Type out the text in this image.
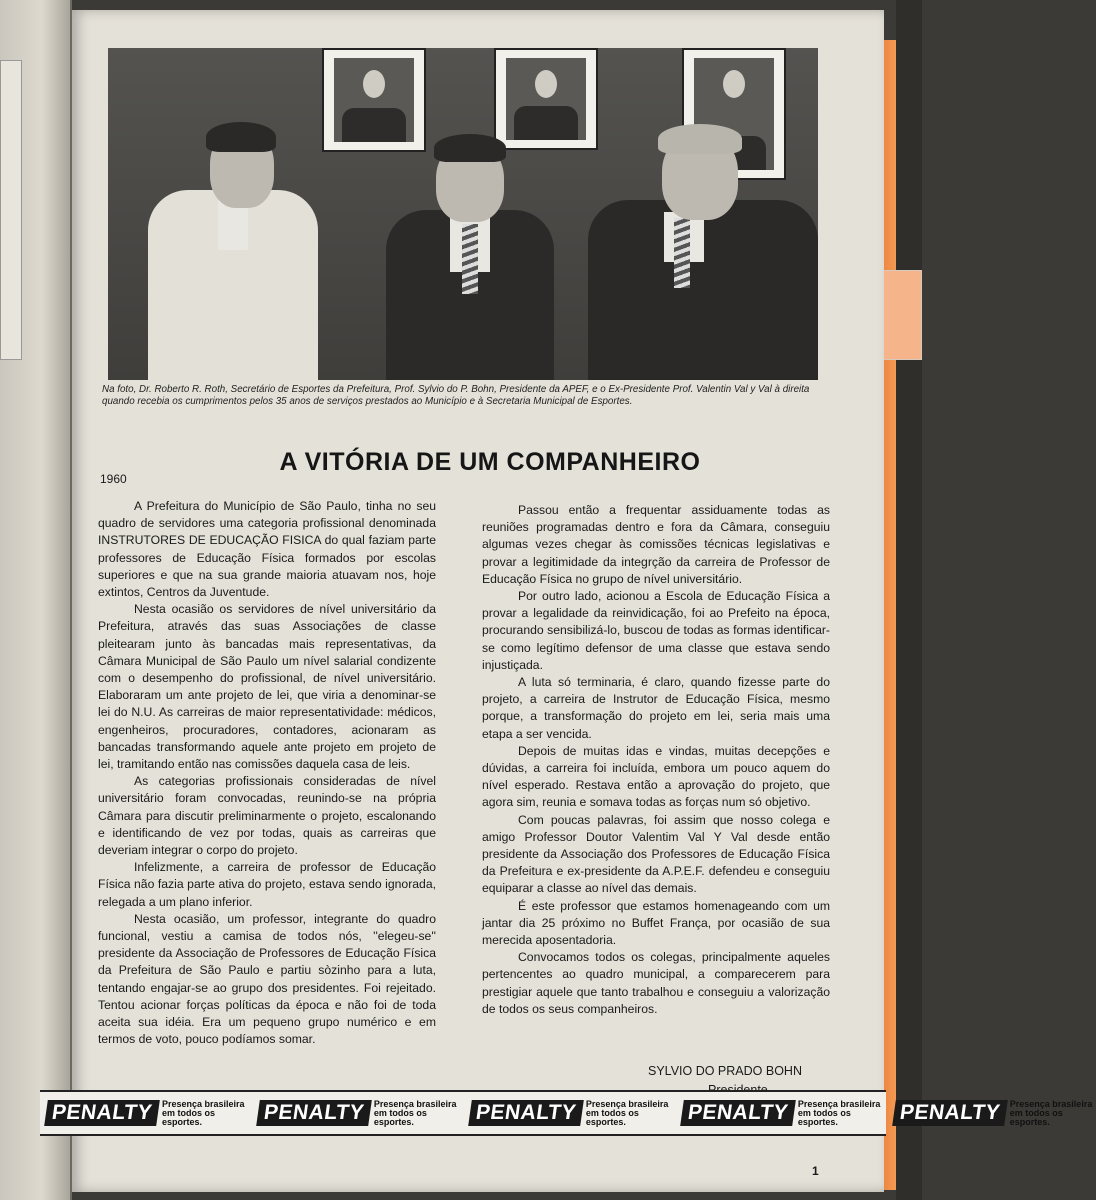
Na foto, Dr. Roberto R. Roth, Secretário de Esportes da Prefeitura, Prof. Sylvio do P. Bohn, Presidente da APEF, e o Ex-Presidente Prof. Valentin Val y Val à direita quando recebia os cumprimentos pelos 35 anos de serviços prestados ao Município e à Secretaria Municipal de Esportes.
A VITÓRIA DE UM COMPANHEIRO
1960

A Prefeitura do Município de São Paulo, tinha no seu quadro de servidores uma categoria profissional denominada INSTRUTORES DE EDUCAÇÃO FISICA do qual faziam parte professores de Educação Física formados por escolas superiores e que na sua grande maioria atuavam nos, hoje extintos, Centros da Juventude.

Nesta ocasião os servidores de nível universitário da Prefeitura, através das suas Associações de classe pleitearam junto às bancadas mais representativas, da Câmara Municipal de São Paulo um nível salarial condizente com o desempenho do profissional, de nível universitário. Elaboraram um ante projeto de lei, que viria a denominar-se lei do N.U. As carreiras de maior representatividade: médicos, engenheiros, procuradores, contadores, acionaram as bancadas transformando aquele ante projeto em projeto de lei, tramitando então nas comissões daquela casa de leis.

As categorias profissionais consideradas de nível universitário foram convocadas, reunindo-se na própria Câmara para discutir preliminarmente o projeto, escalonando e identificando de vez por todas, quais as carreiras que deveriam integrar o corpo do projeto.

Infelizmente, a carreira de professor de Educação Física não fazia parte ativa do projeto, estava sendo ignorada, relegada a um plano inferior.

Nesta ocasião, um professor, integrante do quadro funcional, vestiu a camisa de todos nós, ''elegeu-se'' presidente da Associação de Professores de Educação Física da Prefeitura de São Paulo e partiu sòzinho para a luta, tentando engajar-se ao grupo dos presidentes. Foi rejeitado. Tentou acionar forças políticas da época e não foi de toda aceita sua idéia. Era um pequeno grupo numérico e em termos de voto, pouco podíamos somar.

Passou então a frequentar assiduamente todas as reuniões programadas dentro e fora da Câmara, conseguiu algumas vezes chegar às comissões técnicas legislativas e provar a legitimidade da integrção da carreira de Professor de Educação Física no grupo de nível universitário.

Por outro lado, acionou a Escola de Educação Física a provar a legalidade da reinvidicação, foi ao Prefeito na época, procurando sensibilizá-lo, buscou de todas as formas identificar-se como legítimo defensor de uma classe que estava sendo injustiçada.

A luta só terminaria, é claro, quando fizesse parte do projeto, a carreira de Instrutor de Educação Física, mesmo porque, a transformação do projeto em lei, seria mais uma etapa a ser vencida.

Depois de muitas idas e vindas, muitas decepções e dúvidas, a carreira foi incluída, embora um pouco aquem do nível esperado. Restava então a aprovação do projeto, que agora sim, reunia e somava todas as forças num só objetivo.

Com poucas palavras, foi assim que nosso colega e amigo Professor Doutor Valentim Val Y Val desde então presidente da Associação dos Professores de Educação Física da Prefeitura e ex-presidente da A.P.E.F. defendeu e conseguiu equiparar a classe ao nível das demais.

É este professor que estamos homenageando com um jantar dia 25 próximo no Buffet França, por ocasião de sua merecida aposentadoria.

Convocamos todos os colegas, principalmente aqueles pertencentes ao quadro municipal, a comparecerem para prestigiar aquele que tanto trabalhou e conseguiu a valorização de todos os seus companheiros.

SYLVIO DO PRADO BOHN
PENALTY Presença brasileira em todos os esportes.	PENALTY Presença brasileira em todos os esportes.	PENALTY Presença brasileira em todos os esportes.	PENALTY Presença brasileira em todos os esportes.	PENALTY Presença brasileira em todos os esportes.
1
